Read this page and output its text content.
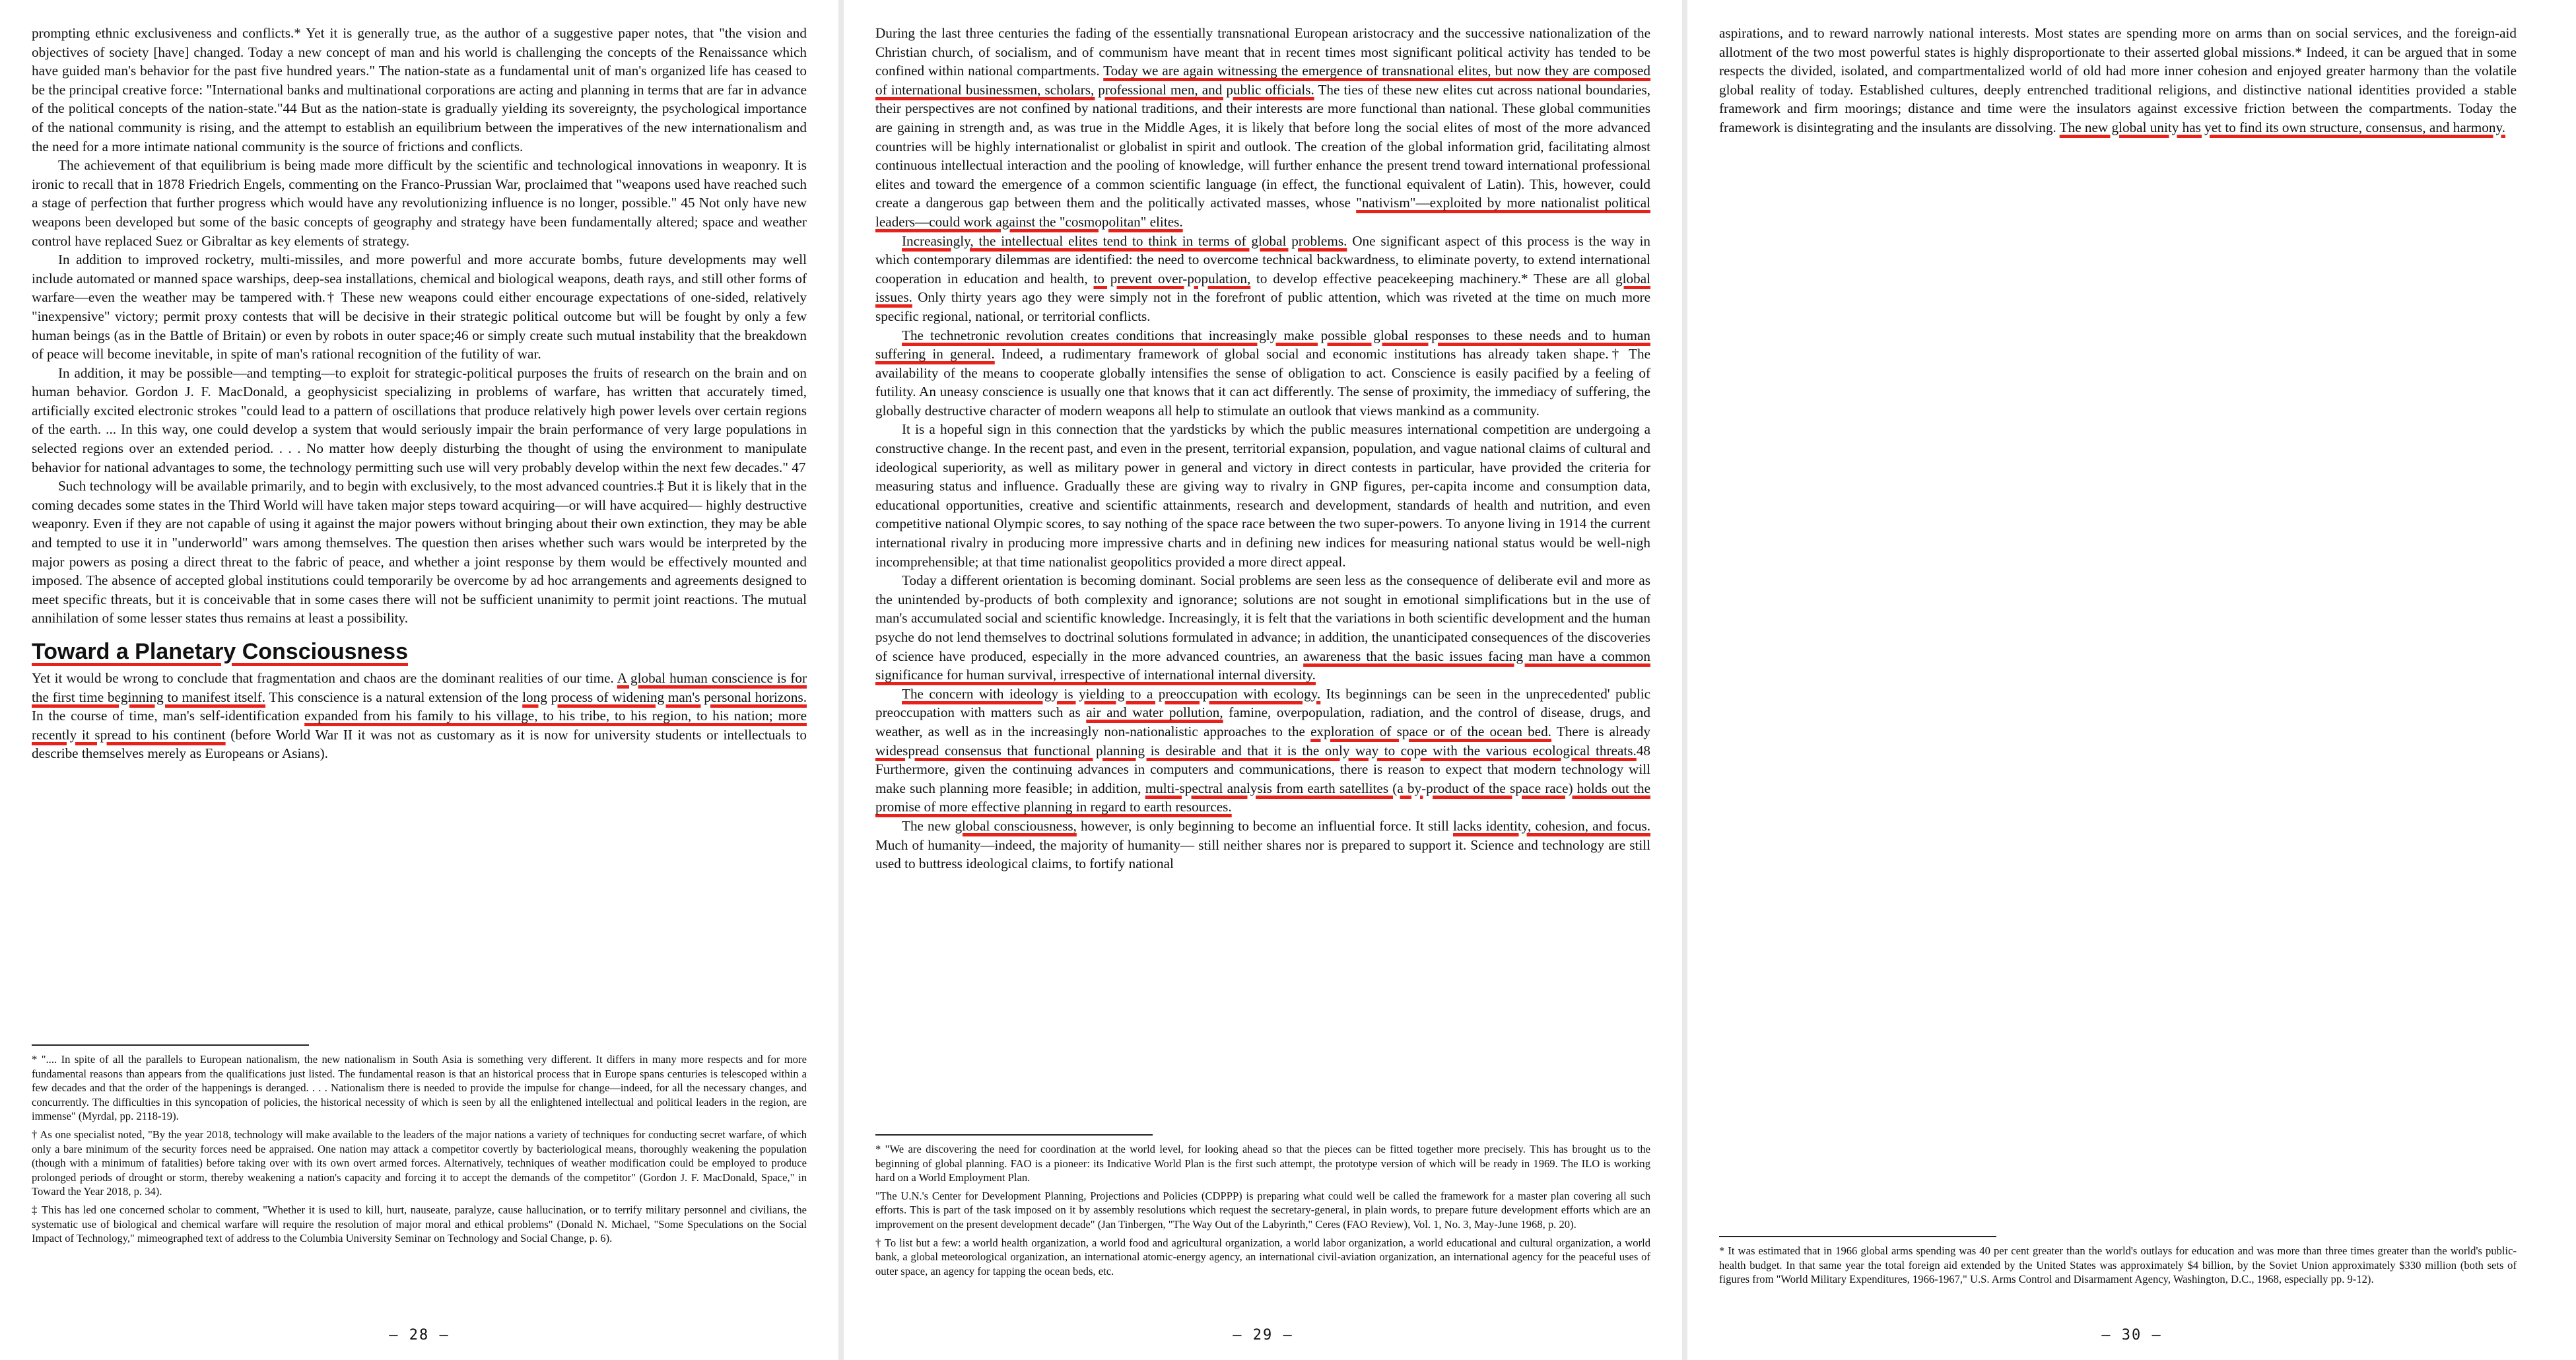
prompting ethnic exclusiveness and conflicts.* Yet it is generally true, as the author of a suggestive paper notes, that "the vision and objectives of society [have] changed. Today a new concept of man and his world is challenging the concepts of the Renaissance which have guided man's behavior for the past five hundred years." The nation-state as a fundamental unit of man's organized life has ceased to be the principal creative force: "International banks and multinational corporations are acting and planning in terms that are far in advance of the political concepts of the nation-state."44 But as the nation-state is gradually yielding its sovereignty, the psychological importance of the national community is rising, and the attempt to establish an equilibrium between the imperatives of the new internationalism and the need for a more intimate national community is the source of frictions and conflicts.

The achievement of that equilibrium is being made more difficult by the scientific and technological innovations in weaponry. It is ironic to recall that in 1878 Friedrich Engels, commenting on the Franco-Prussian War, proclaimed that "weapons used have reached such a stage of perfection that further progress which would have any revolutionizing influence is no longer, possible." 45 Not only have new weapons been developed but some of the basic concepts of geography and strategy have been fundamentally altered; space and weather control have replaced Suez or Gibraltar as key elements of strategy.

In addition to improved rocketry, multi-missiles, and more powerful and more accurate bombs, future developments may well include automated or manned space warships, deep-sea installations, chemical and biological weapons, death rays, and still other forms of warfare—even the weather may be tampered with.† These new weapons could either encourage expectations of one-sided, relatively "inexpensive" victory; permit proxy contests that will be decisive in their strategic political outcome but will be fought by only a few human beings (as in the Battle of Britain) or even by robots in outer space;46 or simply create such mutual instability that the breakdown of peace will become inevitable, in spite of man's rational recognition of the futility of war.

In addition, it may be possible—and tempting—to exploit for strategic-political purposes the fruits of research on the brain and on human behavior. Gordon J. F. MacDonald, a geophysicist specializing in problems of warfare, has written that accurately timed, artificially excited electronic strokes "could lead to a pattern of oscillations that produce relatively high power levels over certain regions of the earth. ... In this way, one could develop a system that would seriously impair the brain performance of very large populations in selected regions over an extended period. . . . No matter how deeply disturbing the thought of using the environment to manipulate behavior for national advantages to some, the technology permitting such use will very probably develop within the next few decades." 47

Such technology will be available primarily, and to begin with exclusively, to the most advanced countries.‡ But it is likely that in the coming decades some states in the Third World will have taken major steps toward acquiring—or will have acquired— highly destructive weaponry. Even if they are not capable of using it against the major powers without bringing about their own extinction, they may be able and tempted to use it in "underworld" wars among themselves. The question then arises whether such wars would be interpreted by the major powers as posing a direct threat to the fabric of peace, and whether a joint response by them would be effectively mounted and imposed. The absence of accepted global institutions could temporarily be overcome by ad hoc arrangements and agreements designed to meet specific threats, but it is conceivable that in some cases there will not be sufficient unanimity to permit joint reactions. The mutual annihilation of some lesser states thus remains at least a possibility.

Toward a Planetary Consciousness

Yet it would be wrong to conclude that fragmentation and chaos are the dominant realities of our time. A global human conscience is for the first time beginning to manifest itself. This conscience is a natural extension of the long process of widening man's personal horizons. In the course of time, man's self-identification expanded from his family to his village, to his tribe, to his region, to his nation; more recently it spread to his continent (before World War II it was not as customary as it is now for university students or intellectuals to describe themselves merely as Europeans or Asians).

* ".... In spite of all the parallels to European nationalism, the new nationalism in South Asia is something very different. It differs in many more respects and for more fundamental reasons than appears from the qualifications just listed. The fundamental reason is that an historical process that in Europe spans centuries is telescoped within a few decades and that the order of the happenings is deranged. . . . Nationalism there is needed to provide the impulse for change—indeed, for all the necessary changes, and concurrently. The difficulties in this syncopation of policies, the historical necessity of which is seen by all the enlightened intellectual and political leaders in the region, are immense" (Myrdal, pp. 2118-19).

† As one specialist noted, "By the year 2018, technology will make available to the leaders of the major nations a variety of techniques for conducting secret warfare, of which only a bare minimum of the security forces need be appraised. One nation may attack a competitor covertly by bacteriological means, thoroughly weakening the population (though with a minimum of fatalities) before taking over with its own overt armed forces. Alternatively, techniques of weather modification could be employed to produce prolonged periods of drought or storm, thereby weakening a nation's capacity and forcing it to accept the demands of the competitor" (Gordon J. F. MacDonald, Space," in Toward the Year 2018, p. 34).

‡ This has led one concerned scholar to comment, "Whether it is used to kill, hurt, nauseate, paralyze, cause hallucination, or to terrify military personnel and civilians, the systematic use of biological and chemical warfare will require the resolution of major moral and ethical problems" (Donald N. Michael, "Some Speculations on the Social Impact of Technology," mimeographed text of address to the Columbia University Seminar on Technology and Social Change, p. 6).

– 28 –

During the last three centuries the fading of the essentially transnational European aristocracy and the successive nationalization of the Christian church, of socialism, and of communism have meant that in recent times most significant political activity has tended to be confined within national compartments. Today we are again witnessing the emergence of transnational elites, but now they are composed of international businessmen, scholars, professional men, and public officials. The ties of these new elites cut across national boundaries, their perspectives are not confined by national traditions, and their interests are more functional than national. These global communities are gaining in strength and, as was true in the Middle Ages, it is likely that before long the social elites of most of the more advanced countries will be highly internationalist or globalist in spirit and outlook. The creation of the global information grid, facilitating almost continuous intellectual interaction and the pooling of knowledge, will further enhance the present trend toward international professional elites and toward the emergence of a common scientific language (in effect, the functional equivalent of Latin). This, however, could create a dangerous gap between them and the politically activated masses, whose "nativism"—exploited by more nationalist political leaders—could work against the "cosmopolitan" elites.

Increasingly, the intellectual elites tend to think in terms of global problems. One significant aspect of this process is the way in which contemporary dilemmas are identified: the need to overcome technical backwardness, to eliminate poverty, to extend international cooperation in education and health, to prevent over-population, to develop effective peacekeeping machinery.* These are all global issues. Only thirty years ago they were simply not in the forefront of public attention, which was riveted at the time on much more specific regional, national, or territorial conflicts.

The technetronic revolution creates conditions that increasingly make possible global responses to these needs and to human suffering in general. Indeed, a rudimentary framework of global social and economic institutions has already taken shape.† The availability of the means to cooperate globally intensifies the sense of obligation to act. Conscience is easily pacified by a feeling of futility. An uneasy conscience is usually one that knows that it can act differently. The sense of proximity, the immediacy of suffering, the globally destructive character of modern weapons all help to stimulate an outlook that views mankind as a community.

It is a hopeful sign in this connection that the yardsticks by which the public measures international competition are undergoing a constructive change. In the recent past, and even in the present, territorial expansion, population, and vague national claims of cultural and ideological superiority, as well as military power in general and victory in direct contests in particular, have provided the criteria for measuring status and influence. Gradually these are giving way to rivalry in GNP figures, per-capita income and consumption data, educational opportunities, creative and scientific attainments, research and development, standards of health and nutrition, and even competitive national Olympic scores, to say nothing of the space race between the two super-powers. To anyone living in 1914 the current international rivalry in producing more impressive charts and in defining new indices for measuring national status would be well-nigh incomprehensible; at that time nationalist geopolitics provided a more direct appeal.

Today a different orientation is becoming dominant. Social problems are seen less as the consequence of deliberate evil and more as the unintended by-products of both complexity and ignorance; solutions are not sought in emotional simplifications but in the use of man's accumulated social and scientific knowledge. Increasingly, it is felt that the variations in both scientific development and the human psyche do not lend themselves to doctrinal solutions formulated in advance; in addition, the unanticipated consequences of the discoveries of science have produced, especially in the more advanced countries, an awareness that the basic issues facing man have a common significance for human survival, irrespective of international internal diversity.

The concern with ideology is yielding to a preoccupation with ecology. Its beginnings can be seen in the unprecedented' public preoccupation with matters such as air and water pollution, famine, overpopulation, radiation, and the control of disease, drugs, and weather, as well as in the increasingly non-nationalistic approaches to the exploration of space or of the ocean bed. There is already widespread consensus that functional planning is desirable and that it is the only way to cope with the various ecological threats.48 Furthermore, given the continuing advances in computers and communications, there is reason to expect that modern technology will make such planning more feasible; in addition, multi-spectral analysis from earth satellites (a by-product of the space race) holds out the promise of more effective planning in regard to earth resources.

The new global consciousness, however, is only beginning to become an influential force. It still lacks identity, cohesion, and focus. Much of humanity—indeed, the majority of humanity— still neither shares nor is prepared to support it. Science and technology are still used to buttress ideological claims, to fortify national

* "We are discovering the need for coordination at the world level, for looking ahead so that the pieces can be fitted together more precisely. This has brought us to the beginning of global planning. FAO is a pioneer: its Indicative World Plan is the first such attempt, the prototype version of which will be ready in 1969. The ILO is working hard on a World Employment Plan.

"The U.N.'s Center for Development Planning, Projections and Policies (CDPPP) is preparing what could well be called the framework for a master plan covering all such efforts. This is part of the task imposed on it by assembly resolutions which request the secretary-general, in plain words, to prepare future development efforts which are an improvement on the present development decade" (Jan Tinbergen, "The Way Out of the Labyrinth," Ceres (FAO Review), Vol. 1, No. 3, May-June 1968, p. 20).

† To list but a few: a world health organization, a world food and agricultural organization, a world labor organization, a world educational and cultural organization, a world bank, a global meteorological organization, an international atomic-energy agency, an international civil-aviation organization, an international agency for the peaceful uses of outer space, an agency for tapping the ocean beds, etc.

– 29 –

aspirations, and to reward narrowly national interests. Most states are spending more on arms than on social services, and the foreign-aid allotment of the two most powerful states is highly disproportionate to their asserted global missions.* Indeed, it can be argued that in some respects the divided, isolated, and compartmentalized world of old had more inner cohesion and enjoyed greater harmony than the volatile global reality of today. Established cultures, deeply entrenched traditional religions, and distinctive national identities provided a stable framework and firm moorings; distance and time were the insulators against excessive friction between the compartments. Today the framework is disintegrating and the insulants are dissolving. The new global unity has yet to find its own structure, consensus, and harmony.

* It was estimated that in 1966 global arms spending was 40 per cent greater than the world's outlays for education and was more than three times greater than the world's public-health budget. In that same year the total foreign aid extended by the United States was approximately $4 billion, by the Soviet Union approximately $330 million (both sets of figures from "World Military Expenditures, 1966-1967," U.S. Arms Control and Disarmament Agency, Washington, D.C., 1968, especially pp. 9-12).

– 30 –
